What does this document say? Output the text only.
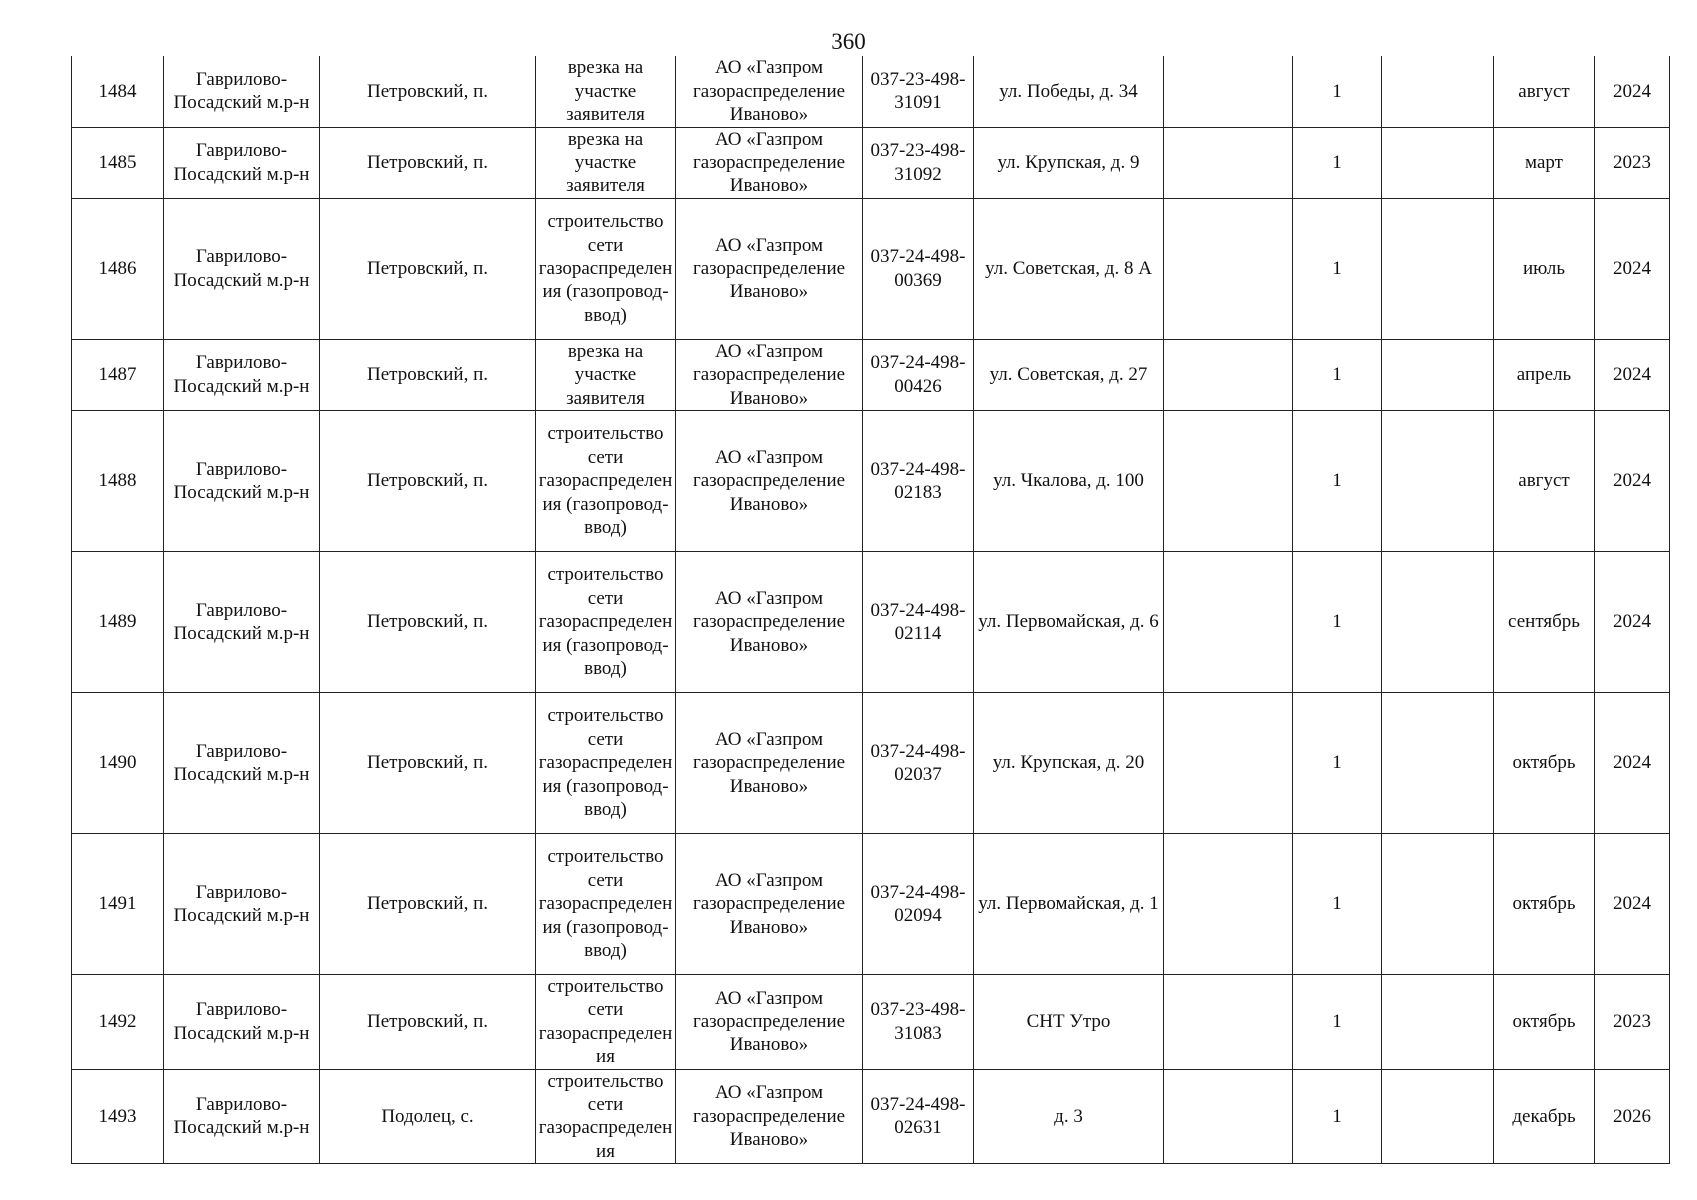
360
1484	Гаврилово-Посадский м.р-н	Петровский, п.	врезка на участке заявителя	АО «Газпром газораспределение Иваново»	037-23-498-31091	ул. Победы, д. 34		1		август	2024
1485	Гаврилово-Посадский м.р-н	Петровский, п.	врезка на участке заявителя	АО «Газпром газораспределение Иваново»	037-23-498-31092	ул. Крупская, д. 9		1		март	2023
1486	Гаврилово-Посадский м.р-н	Петровский, п.	строительство сети газораспределения (газопровод-ввод)	АО «Газпром газораспределение Иваново»	037-24-498-00369	ул. Советская, д. 8 А		1		июль	2024
1487	Гаврилово-Посадский м.р-н	Петровский, п.	врезка на участке заявителя	АО «Газпром газораспределение Иваново»	037-24-498-00426	ул. Советская, д. 27		1		апрель	2024
1488	Гаврилово-Посадский м.р-н	Петровский, п.	строительство сети газораспределения (газопровод-ввод)	АО «Газпром газораспределение Иваново»	037-24-498-02183	ул. Чкалова, д. 100		1		август	2024
1489	Гаврилово-Посадский м.р-н	Петровский, п.	строительство сети газораспределения (газопровод-ввод)	АО «Газпром газораспределение Иваново»	037-24-498-02114	ул. Первомайская, д. 6		1		сентябрь	2024
1490	Гаврилово-Посадский м.р-н	Петровский, п.	строительство сети газораспределения (газопровод-ввод)	АО «Газпром газораспределение Иваново»	037-24-498-02037	ул. Крупская, д. 20		1		октябрь	2024
1491	Гаврилово-Посадский м.р-н	Петровский, п.	строительство сети газораспределения (газопровод-ввод)	АО «Газпром газораспределение Иваново»	037-24-498-02094	ул. Первомайская, д. 1		1		октябрь	2024
1492	Гаврилово-Посадский м.р-н	Петровский, п.	строительство сети газораспределения	АО «Газпром газораспределение Иваново»	037-23-498-31083	СНТ Утро		1		октябрь	2023
1493	Гаврилово-Посадский м.р-н	Подолец, с.	строительство сети газораспределения	АО «Газпром газораспределение Иваново»	037-24-498-02631	д. 3		1		декабрь	2026
